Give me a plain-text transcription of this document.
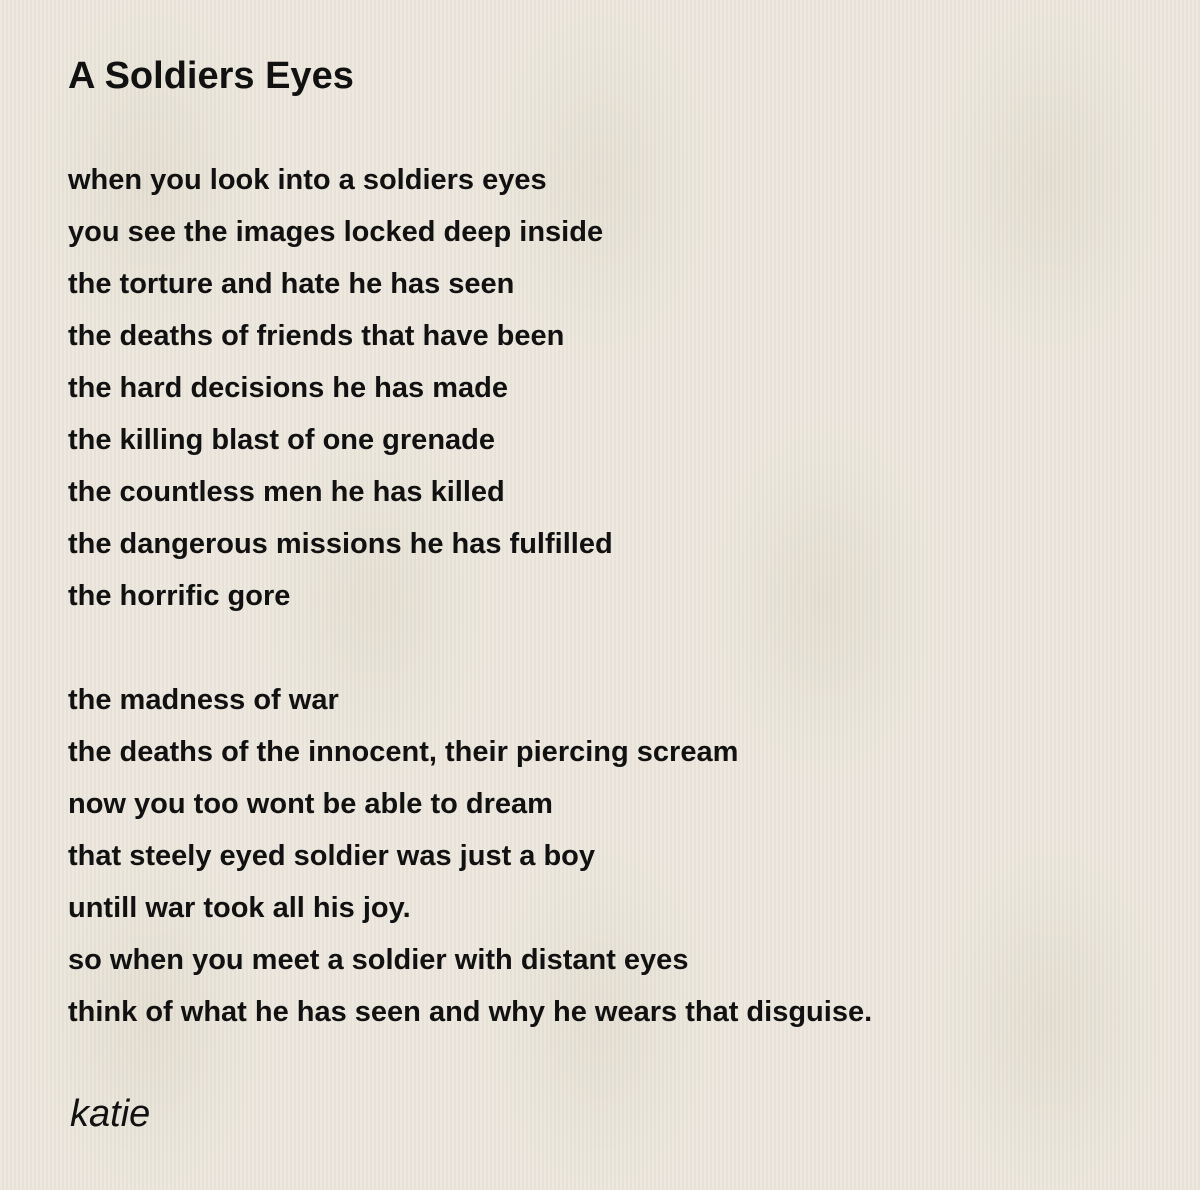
A Soldiers Eyes
when you look into a soldiers eyes
you see the images locked deep inside
the torture and hate he has seen
the deaths of friends that have been
the hard decisions he has made
the killing blast of one grenade
the countless men he has killed
the dangerous missions he has fulfilled
the horrific gore
the madness of war
the deaths of the innocent, their piercing scream
now you too wont be able to dream
that steely eyed soldier was just a boy
untill war took all his joy.
so when you meet a soldier with distant eyes
think of what he has seen and why he wears that disguise.

katie
